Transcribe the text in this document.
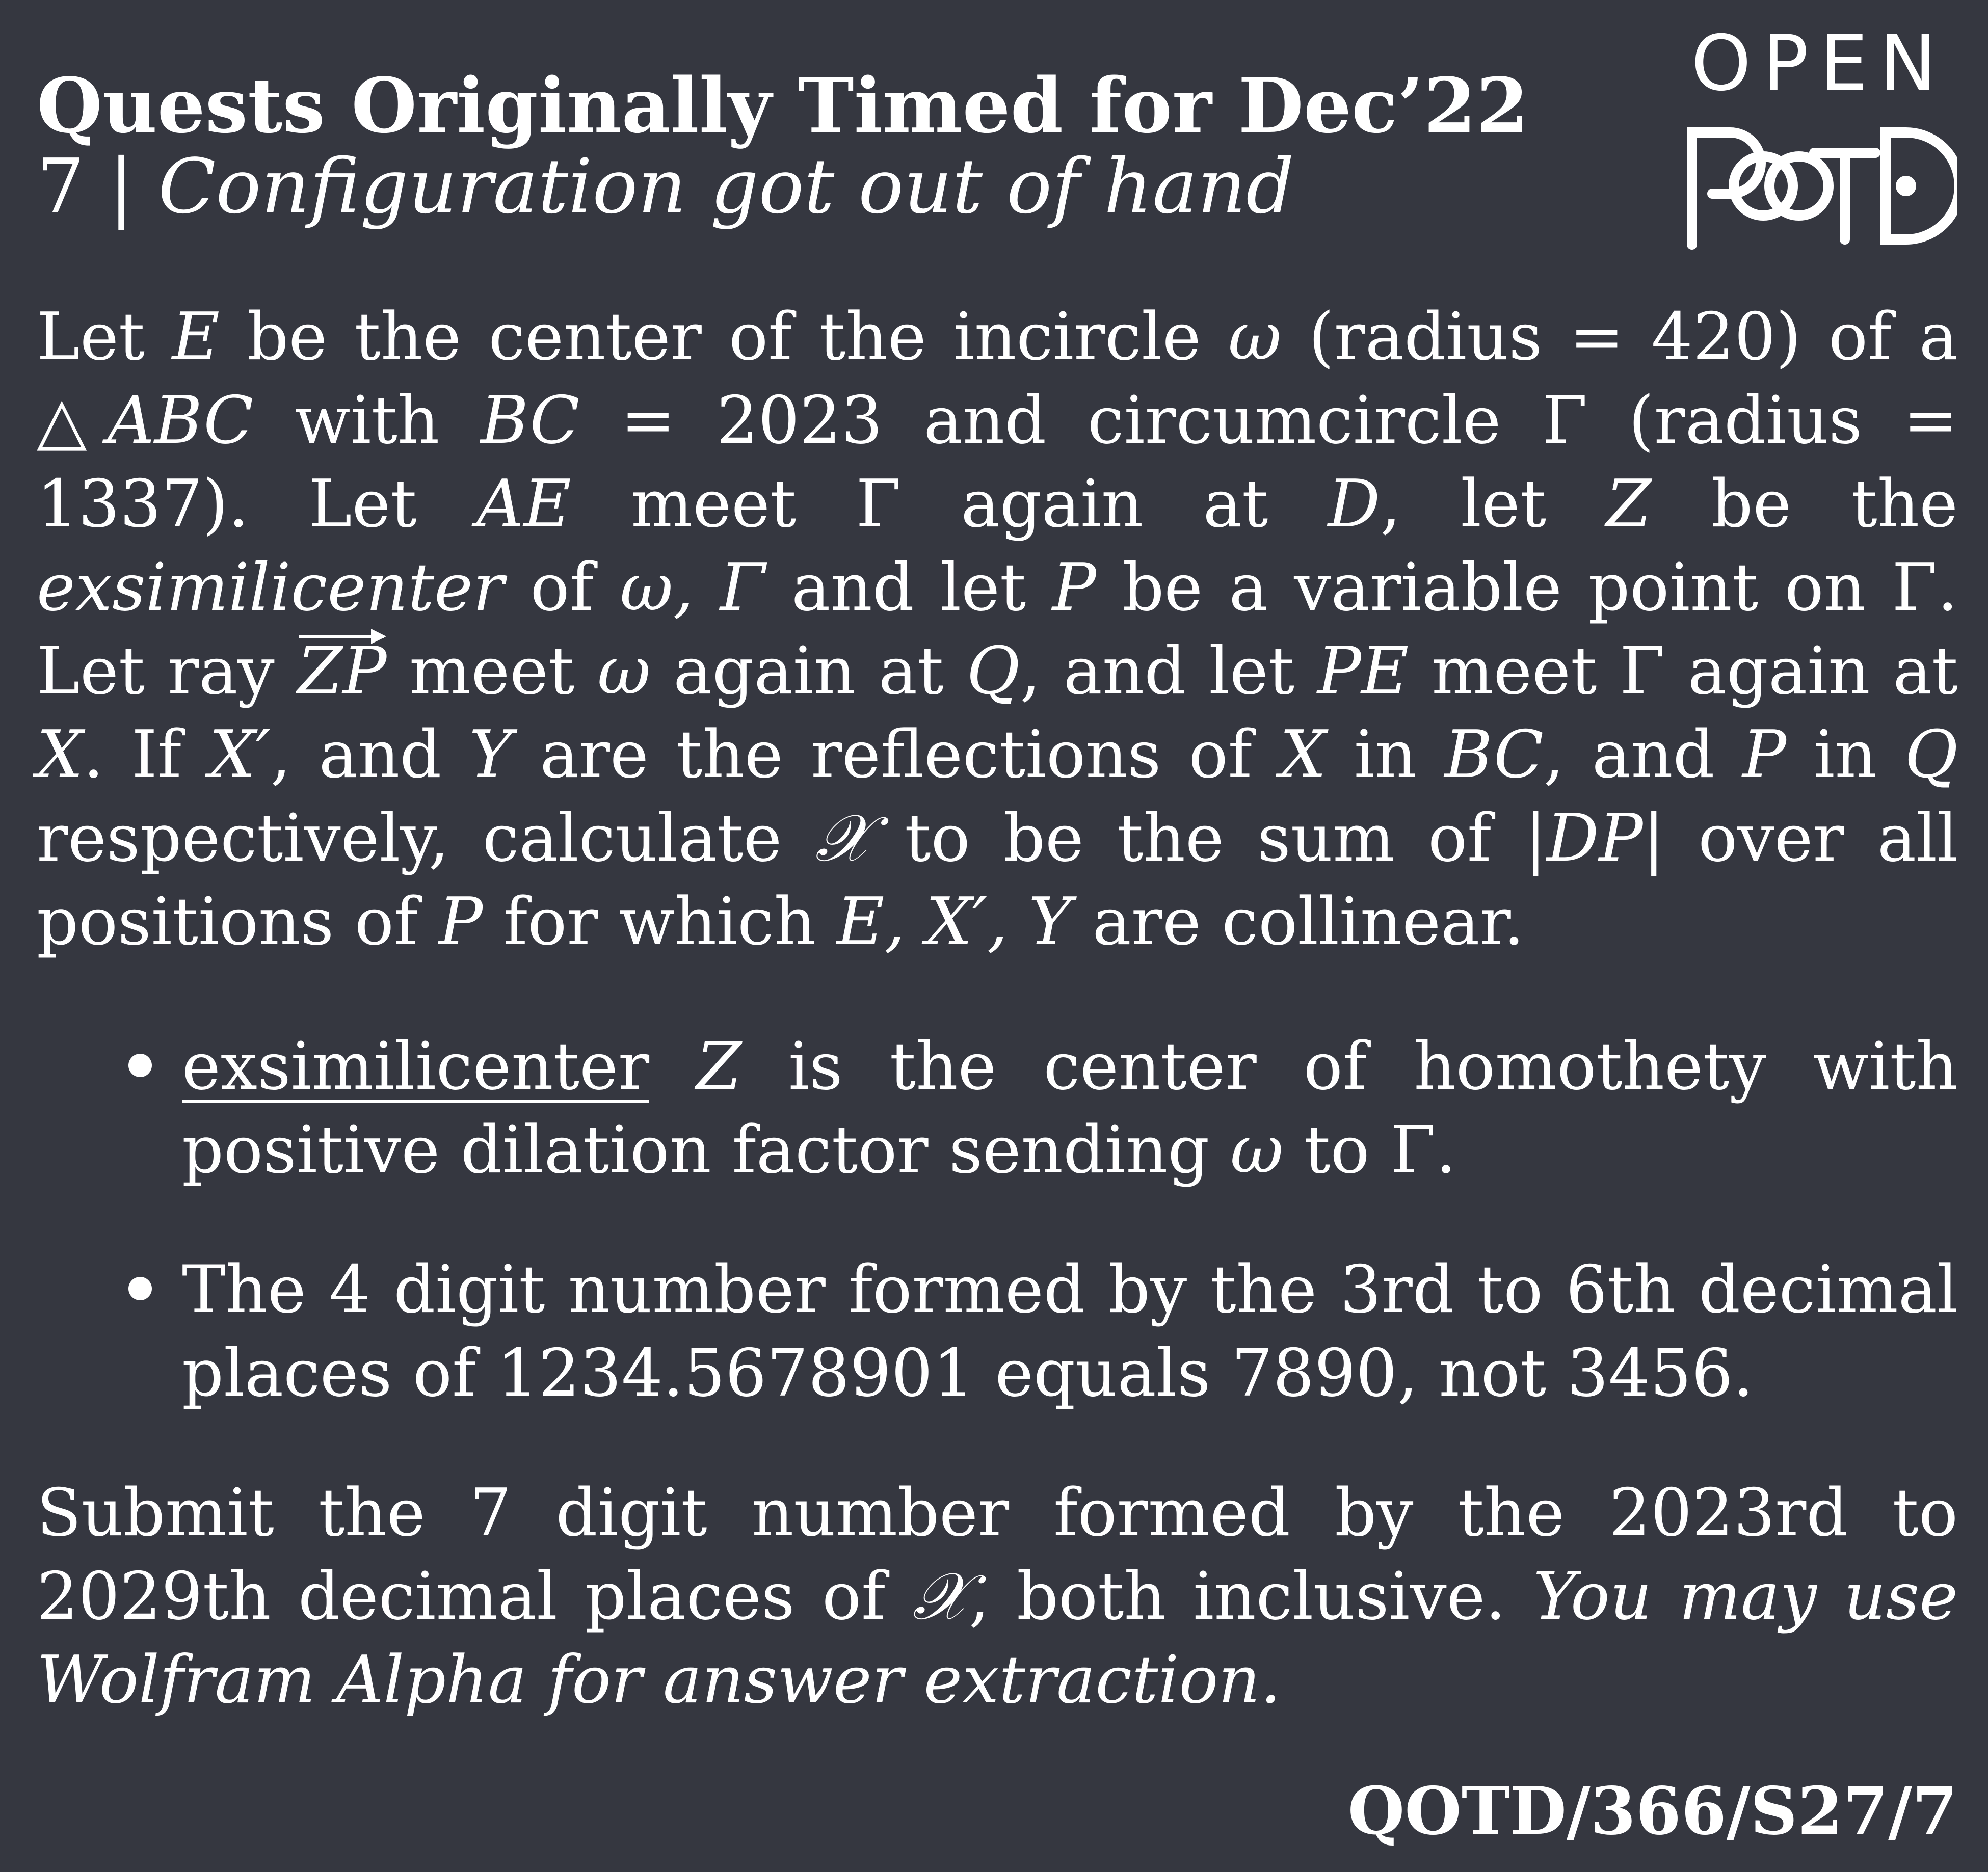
Quests Originally Timed for Dec’22
7 | Configuration got out of hand
OPEN

Let E be the center of the incircle ω (radius = 420) of a △ABC with BC = 2023 and circumcircle Γ (radius = 1337). Let AE meet Γ again at D, let Z be the exsimilicenter of ω, Γ and let P be a variable point on Γ. Let ray ZP meet ω again at Q, and let PE meet Γ again at X. If X′, and Y are the reflections of X in BC, and P in Q respectively, calculate 𝒳 to be the sum of |DP| over all positions of P for which E, X′, Y are collinear.

exsimilicenter Z is the center of homothety with positive dilation factor sending ω to Γ.
The 4 digit number formed by the 3rd to 6th decimal places of 1234.5678901 equals 7890, not 3456.

Submit the 7 digit number formed by the 2023rd to 2029th decimal places of 𝒳, both inclusive. You may use Wolfram Alpha for answer extraction.

QOTD/366/S27/7
